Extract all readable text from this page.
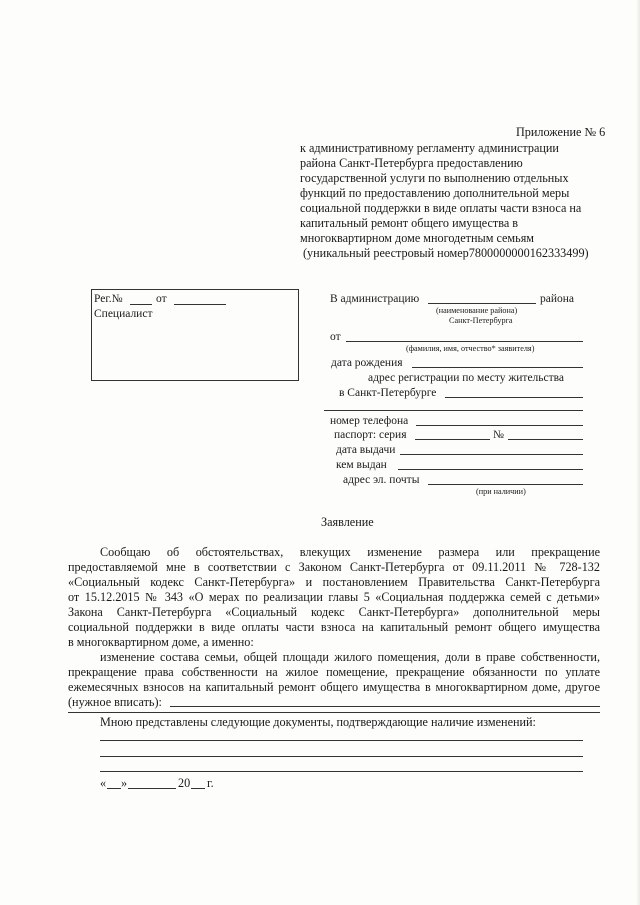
Приложение № 6
к административному регламенту администрации
района Санкт-Петербурга предоставлению
государственной услуги по выполнению отдельных
функций по предоставлению дополнительной меры
социальной поддержки в виде оплаты части взноса на
капитальный ремонт общего имущества в
многоквартирном доме многодетным семьям
(уникальный реестровый номер7800000000162333499)
Рег.№	от
Специалист
В администрацию	района
(наименование района)
Санкт-Петербурга
от
(фамилия, имя, отчество* заявителя)
дата рождения
адрес регистрации по месту жительства
в Санкт-Петербурге
номер телефона
паспорт: серия	№
дата выдачи
кем выдан
адрес эл. почты
(при наличии)
Заявление
Сообщаю об обстоятельствах, влекущих изменение размера или прекращение
предоставляемой мне в соответствии с Законом Санкт-Петербурга от 09.11.2011 № 728-132
«Социальный кодекс Санкт-Петербурга» и постановлением Правительства Санкт-Петербурга
от 15.12.2015 № 343 «О мерах по реализации главы 5 «Социальная поддержка семей с детьми»
Закона Санкт-Петербурга «Социальный кодекс Санкт-Петербурга» дополнительной меры
социальной поддержки в виде оплаты части взноса на капитальный ремонт общего имущества
в многоквартирном доме, а именно:
изменение состава семьи, общей площади жилого помещения, доли в праве собственности,
прекращение права собственности на жилое помещение, прекращение обязанности по уплате
ежемесячных взносов на капитальный ремонт общего имущества в многоквартирном доме, другое
(нужное вписать):
Мною представлены следующие документы, подтверждающие наличие изменений:
« »	20 г.
